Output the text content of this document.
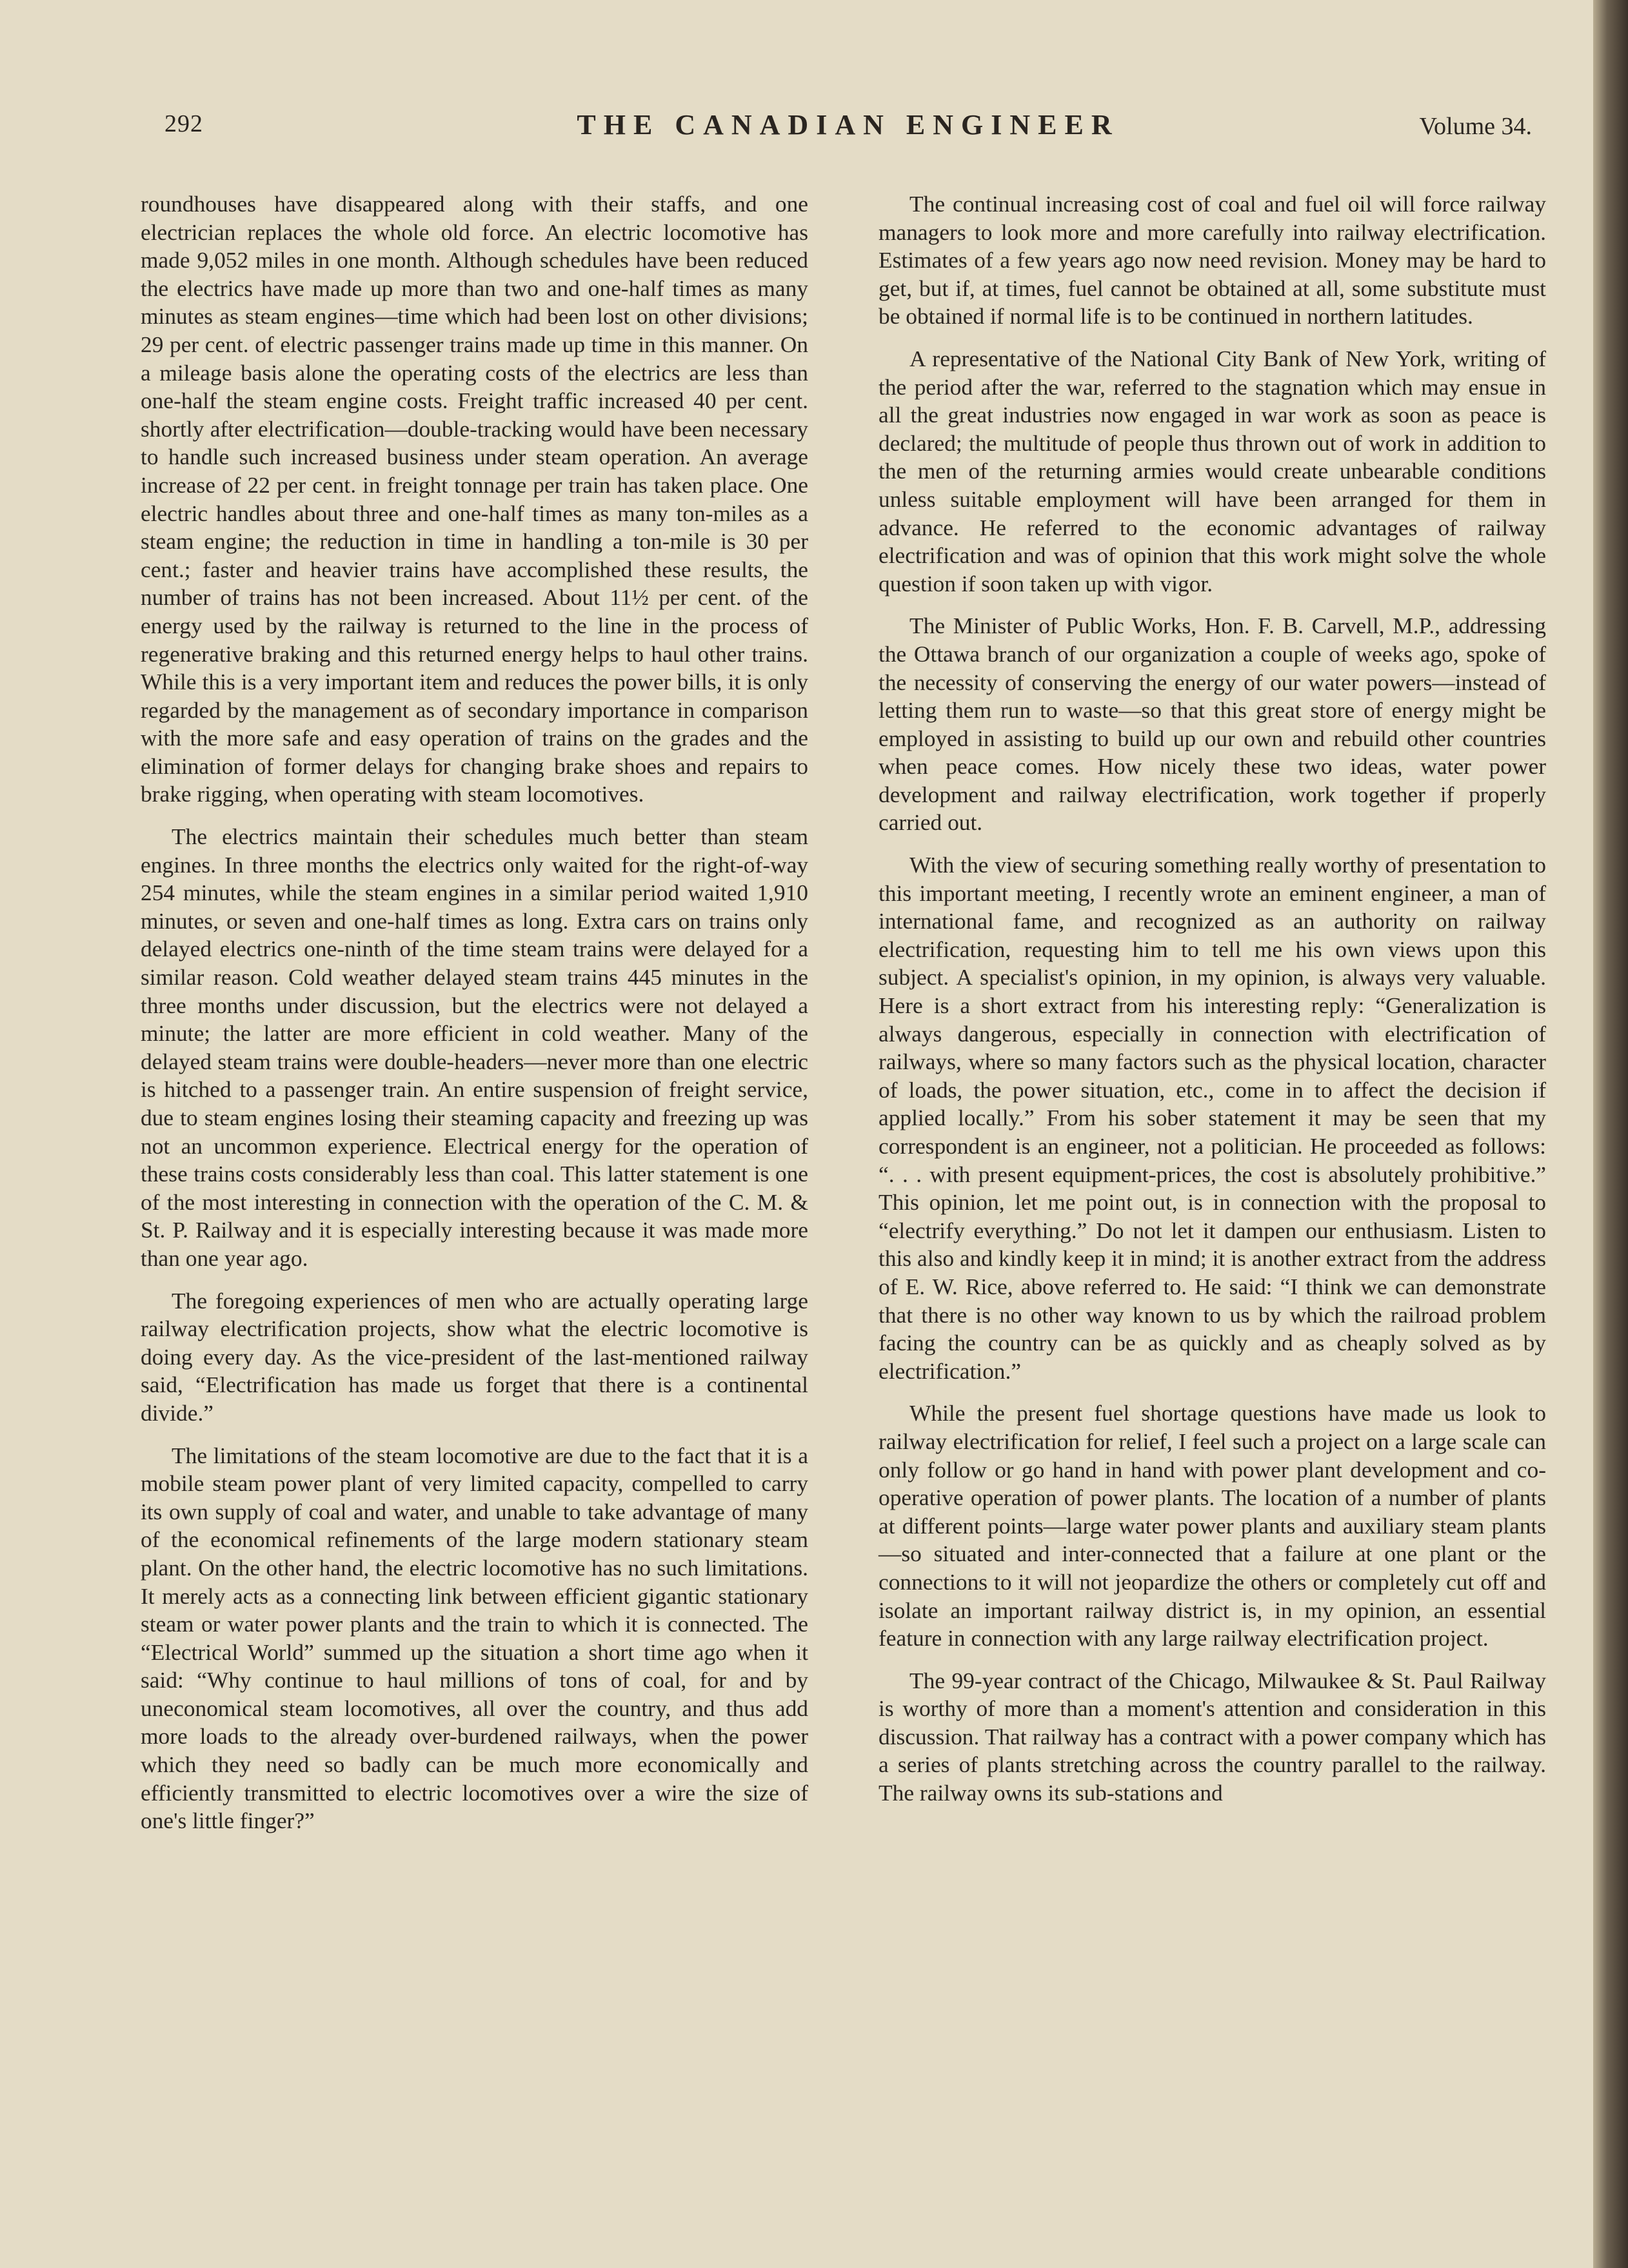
292	THE CANADIAN ENGINEER	Volume 34.

roundhouses have disappeared along with their staffs, and one electrician replaces the whole old force. An electric locomotive has made 9,052 miles in one month. Although schedules have been reduced the electrics have made up more than two and one-half times as many minutes as steam engines—time which had been lost on other divisions; 29 per cent. of electric passenger trains made up time in this manner. On a mileage basis alone the operating costs of the electrics are less than one-half the steam engine costs. Freight traffic increased 40 per cent. shortly after electrification—double-tracking would have been necessary to handle such increased business under steam operation. An average increase of 22 per cent. in freight tonnage per train has taken place. One electric handles about three and one-half times as many ton-miles as a steam engine; the reduction in time in handling a ton-mile is 30 per cent.; faster and heavier trains have accomplished these results, the number of trains has not been increased. About 11½ per cent. of the energy used by the railway is returned to the line in the process of regenerative braking and this returned energy helps to haul other trains. While this is a very important item and reduces the power bills, it is only regarded by the management as of secondary importance in comparison with the more safe and easy operation of trains on the grades and the elimination of former delays for changing brake shoes and repairs to brake rigging, when operating with steam locomotives.

The electrics maintain their schedules much better than steam engines. In three months the electrics only waited for the right-of-way 254 minutes, while the steam engines in a similar period waited 1,910 minutes, or seven and one-half times as long. Extra cars on trains only delayed electrics one-ninth of the time steam trains were delayed for a similar reason. Cold weather delayed steam trains 445 minutes in the three months under discussion, but the electrics were not delayed a minute; the latter are more efficient in cold weather. Many of the delayed steam trains were double-headers—never more than one electric is hitched to a passenger train. An entire suspension of freight service, due to steam engines losing their steaming capacity and freezing up was not an uncommon experience. Electrical energy for the operation of these trains costs considerably less than coal. This latter statement is one of the most interesting in connection with the operation of the C. M. & St. P. Railway and it is especially interesting because it was made more than one year ago.

The foregoing experiences of men who are actually operating large railway electrification projects, show what the electric locomotive is doing every day. As the vice-president of the last-mentioned railway said, “Electrification has made us forget that there is a continental divide.”

The limitations of the steam locomotive are due to the fact that it is a mobile steam power plant of very limited capacity, compelled to carry its own supply of coal and water, and unable to take advantage of many of the economical refinements of the large modern stationary steam plant. On the other hand, the electric locomotive has no such limitations. It merely acts as a connecting link between efficient gigantic stationary steam or water power plants and the train to which it is connected. The “Electrical World” summed up the situation a short time ago when it said: “Why continue to haul millions of tons of coal, for and by uneconomical steam locomotives, all over the country, and thus add more loads to the already over-burdened railways, when the power which they need so badly can be much more economically and efficiently transmitted to electric locomotives over a wire the size of one's little finger?”

The continual increasing cost of coal and fuel oil will force railway managers to look more and more carefully into railway electrification. Estimates of a few years ago now need revision. Money may be hard to get, but if, at times, fuel cannot be obtained at all, some substitute must be obtained if normal life is to be continued in northern latitudes.

A representative of the National City Bank of New York, writing of the period after the war, referred to the stagnation which may ensue in all the great industries now engaged in war work as soon as peace is declared; the multitude of people thus thrown out of work in addition to the men of the returning armies would create unbearable conditions unless suitable employment will have been arranged for them in advance. He referred to the economic advantages of railway electrification and was of opinion that this work might solve the whole question if soon taken up with vigor.

The Minister of Public Works, Hon. F. B. Carvell, M.P., addressing the Ottawa branch of our organization a couple of weeks ago, spoke of the necessity of conserving the energy of our water powers—instead of letting them run to waste—so that this great store of energy might be employed in assisting to build up our own and rebuild other countries when peace comes. How nicely these two ideas, water power development and railway electrification, work together if properly carried out.

With the view of securing something really worthy of presentation to this important meeting, I recently wrote an eminent engineer, a man of international fame, and recognized as an authority on railway electrification, requesting him to tell me his own views upon this subject. A specialist's opinion, in my opinion, is always very valuable. Here is a short extract from his interesting reply: “Generalization is always dangerous, especially in connection with electrification of railways, where so many factors such as the physical location, character of loads, the power situation, etc., come in to affect the decision if applied locally.” From his sober statement it may be seen that my correspondent is an engineer, not a politician. He proceeded as follows: “. . . with present equipment-prices, the cost is absolutely prohibitive.” This opinion, let me point out, is in connection with the proposal to “electrify everything.” Do not let it dampen our enthusiasm. Listen to this also and kindly keep it in mind; it is another extract from the address of E. W. Rice, above referred to. He said: “I think we can demonstrate that there is no other way known to us by which the railroad problem facing the country can be as quickly and as cheaply solved as by electrification.”

While the present fuel shortage questions have made us look to railway electrification for relief, I feel such a project on a large scale can only follow or go hand in hand with power plant development and co-operative operation of power plants. The location of a number of plants at different points—large water power plants and auxiliary steam plants—so situated and inter-connected that a failure at one plant or the connections to it will not jeopardize the others or completely cut off and isolate an important railway district is, in my opinion, an essential feature in connection with any large railway electrification project.

The 99-year contract of the Chicago, Milwaukee & St. Paul Railway is worthy of more than a moment's attention and consideration in this discussion. That railway has a contract with a power company which has a series of plants stretching across the country parallel to the railway. The railway owns its sub-stations and
